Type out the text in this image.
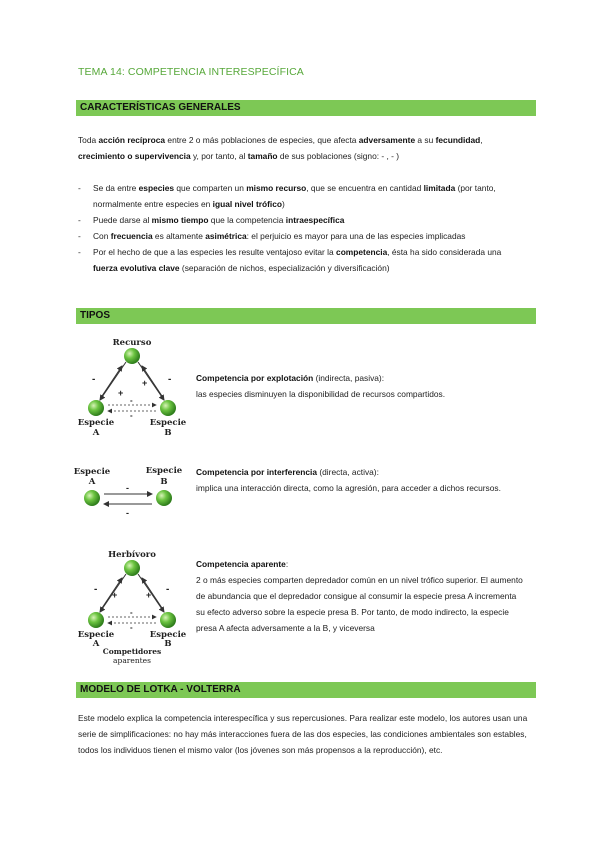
TEMA 14: COMPETENCIA INTERESPECÍFICA
CARACTERÍSTICAS GENERALES
Toda acción recíproca entre 2 o más poblaciones de especies, que afecta adversamente a su fecundidad, crecimiento o supervivencia y, por tanto, al tamaño de sus poblaciones (signo: - , - )
- Se da entre especies que comparten un mismo recurso, que se encuentra en cantidad limitada (por tanto, normalmente entre especies en igual nivel trófico)
- Puede darse al mismo tiempo que la competencia intraespecífica
- Con frecuencia es altamente asimétrica: el perjuicio es mayor para una de las especies implicadas
- Por el hecho de que a las especies les resulte ventajoso evitar la competencia, ésta ha sido considerada una fuerza evolutiva clave (separación de nichos, especialización y diversificación)
TIPOS
Recurso
-	-
+
+
-
-
Especie
A
Especie
B
Competencia por explotación (indirecta, pasiva):
las especies disminuyen la disponibilidad de recursos compartidos.
Especie
A
Especie
B
-
-
Competencia por interferencia (directa, activa):
implica una interacción directa, como la agresión, para acceder a dichos recursos.
Herbívoro
-	-
+	+
-
-
Especie
A
Especie
B
Competidores
aparentes
Competencia aparente:
2 o más especies comparten depredador común en un nivel trófico superior. El aumento de abundancia que el depredador consigue al consumir la especie presa A incrementa su efecto adverso sobre la especie presa B. Por tanto, de modo indirecto, la especie presa A afecta adversamente a la B, y viceversa
MODELO DE LOTKA - VOLTERRA
Este modelo explica la competencia interespecífica y sus repercusiones. Para realizar este modelo, los autores usan una serie de simplificaciones: no hay más interacciones fuera de las dos especies, las condiciones ambientales son estables, todos los individuos tienen el mismo valor (los jóvenes son más propensos a la reproducción), etc.
